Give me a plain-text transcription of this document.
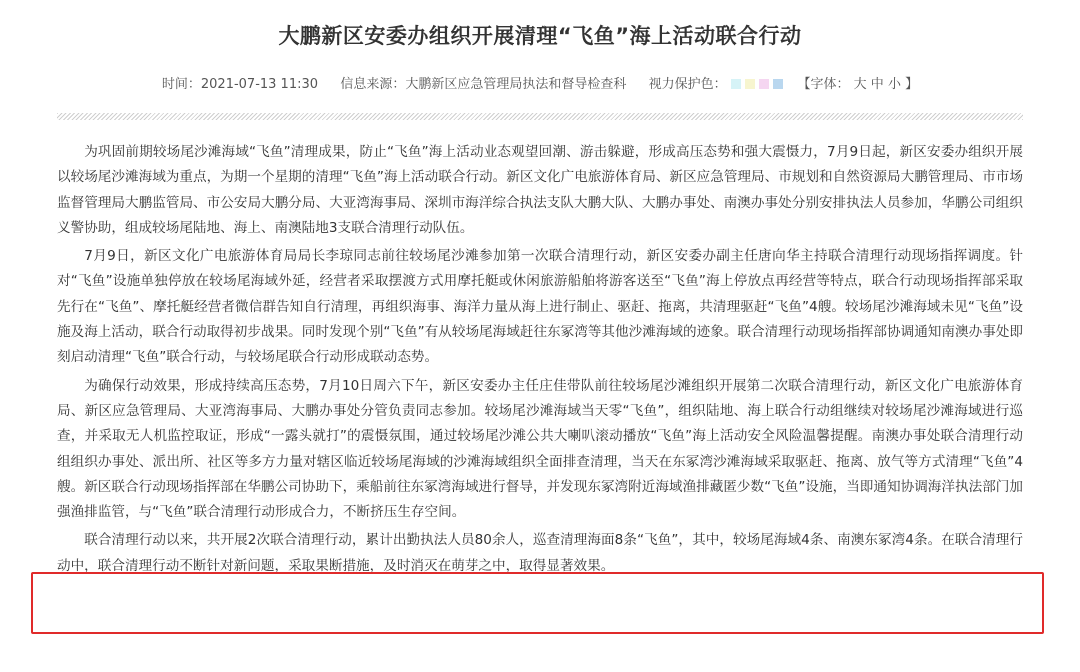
大鹏新区安委办组织开展清理“飞鱼”海上活动联合行动
时间：2021-07-13 11:30 信息来源：大鹏新区应急管理局执法和督导检查科 视力保护色：	【字体： 大 中 小 】

为巩固前期较场尾沙滩海域“飞鱼”清理成果，防止“飞鱼”海上活动业态观望回潮、游击躲避，形成高压态势和强大震慑力，7月9日起，新区安委办组织开展以较场尾沙滩海域为重点，为期一个星期的清理“飞鱼”海上活动联合行动。新区文化广电旅游体育局、新区应急管理局、市规划和自然资源局大鹏管理局、市市场监督管理局大鹏监管局、市公安局大鹏分局、大亚湾海事局、深圳市海洋综合执法支队大鹏大队、大鹏办事处、南澳办事处分别安排执法人员参加，华鹏公司组织义警协助，组成较场尾陆地、海上、南澳陆地3支联合清理行动队伍。

7月9日，新区文化广电旅游体育局局长李琼同志前往较场尾沙滩参加第一次联合清理行动，新区安委办副主任唐向华主持联合清理行动现场指挥调度。针对“飞鱼”设施单独停放在较场尾海域外延，经营者采取摆渡方式用摩托艇或休闲旅游船舶将游客送至“飞鱼”海上停放点再经营等特点，联合行动现场指挥部采取先行在“飞鱼”、摩托艇经营者微信群告知自行清理，再组织海事、海洋力量从海上进行制止、驱赶、拖离，共清理驱赶“飞鱼”4艘。较场尾沙滩海域未见“飞鱼”设施及海上活动，联合行动取得初步战果。同时发现个别“飞鱼”有从较场尾海域赶往东冢湾等其他沙滩海域的迹象。联合清理行动现场指挥部协调通知南澳办事处即刻启动清理“飞鱼”联合行动，与较场尾联合行动形成联动态势。

为确保行动效果，形成持续高压态势，7月10日周六下午，新区安委办主任庄佳带队前往较场尾沙滩组织开展第二次联合清理行动，新区文化广电旅游体育局、新区应急管理局、大亚湾海事局、大鹏办事处分管负责同志参加。较场尾沙滩海域当天零“飞鱼”，组织陆地、海上联合行动组继续对较场尾沙滩海域进行巡查，并采取无人机监控取证，形成“一露头就打”的震慑氛围，通过较场尾沙滩公共大喇叭滚动播放“飞鱼”海上活动安全风险温馨提醒。南澳办事处联合清理行动组组织办事处、派出所、社区等多方力量对辖区临近较场尾海域的沙滩海域组织全面排查清理，当天在东冢湾沙滩海域采取驱赶、拖离、放气等方式清理“飞鱼”4艘。新区联合行动现场指挥部在华鹏公司协助下，乘船前往东冢湾海域进行督导，并发现东冢湾附近海域渔排藏匿少数“飞鱼”设施，当即通知协调海洋执法部门加强渔排监管，与“飞鱼”联合清理行动形成合力，不断挤压生存空间。

联合清理行动以来，共开展2次联合清理行动，累计出勤执法人员80余人，巡查清理海面8条“飞鱼”，其中，较场尾海域4条、南澳东冢湾4条。在联合清理行动中，联合清理行动不断针对新问题，采取果断措施，及时消灭在萌芽之中，取得显著效果。
